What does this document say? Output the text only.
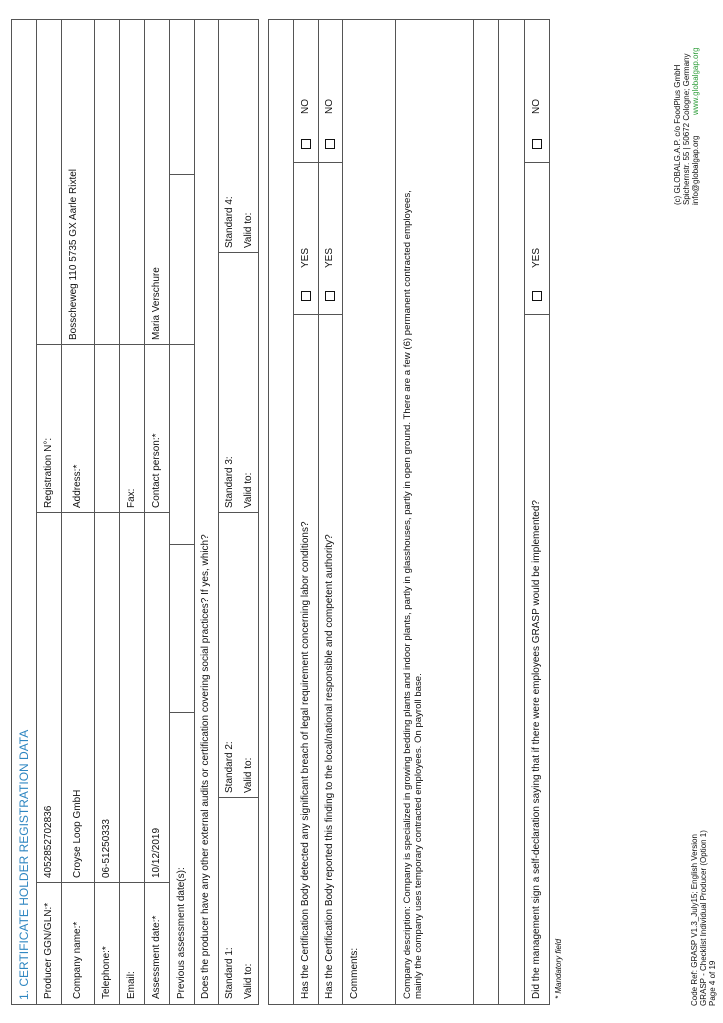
1. CERTIFICATE HOLDER REGISTRATION DATA Producer GGN/GLN:*
4052852702836
Registration N°:
Company name:*
Croyse Loop GmbH
Address:*
Bosscheweg 110 5735 GX Aarle Rixtel
Telephone:*
06-51250333
Email:
Fax:
Assessment date:*
10/12/2019
Contact person:*
Maria Verschure
Previous assessment date(s): Does the producer have any other external audits or certification covering social practices? If yes, which? Standard 1: Valid to:
Standard 2: Valid to:
Standard 3: Valid to:
Standard 4: Valid to:
Has the Certification Body detected any significant breach of legal requirement concerning labor conditions?
YES
NO
Has the Certification Body reported this finding to the local/national responsible and competent authority?
YES
NO
Comments:	Company description: Company is specialized in growing bedding plants and indoor plants, partly in glasshouses, partly in open ground. There are a few (6) permanent contracted employees, mainly the company uses temporary contracted employees. On payroll base.	Did the management sign a self-declaration saying that if there were employees GRASP would be implemented?
YES
NO
* Mandatory field	Code Ref: GRASP V1.3_July15; English Version GRASP - Checklist Individual Producer (Option 1) Page 4 of 19
(c) GLOBALG.A.P. c/o FoodPlus GmbH Spichernstr. 55 | 50672 Cologne; Germany info@globalgap.org
www.globalgap.org
